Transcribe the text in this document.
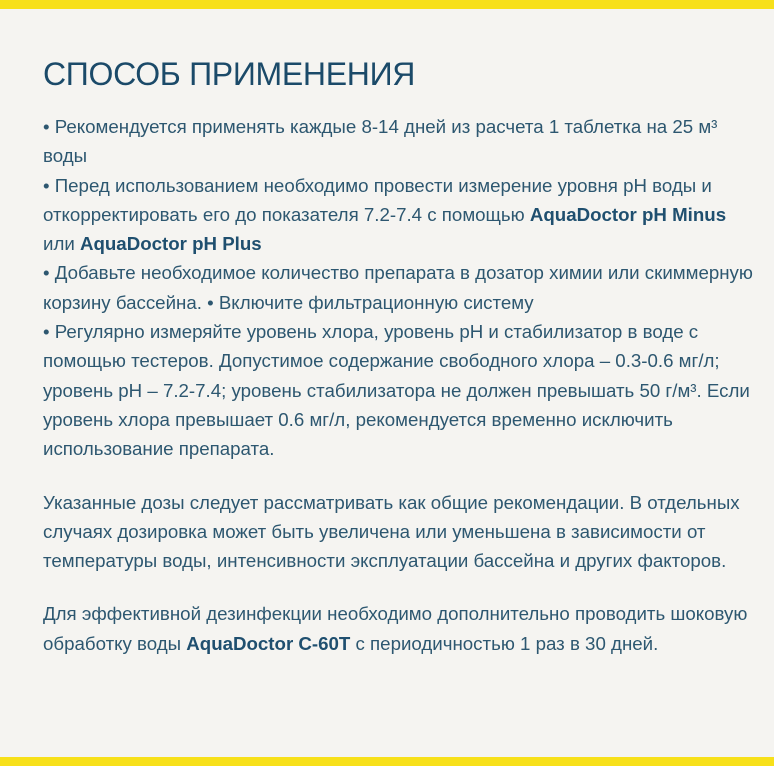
СПОСОБ ПРИМЕНЕНИЯ

• Рекомендуется применять каждые 8-14 дней из расчета 1 таблетка на 25 м³ воды

• Перед использованием необходимо провести измерение уровня pH воды и откорректировать его до показателя 7.2-7.4 с помощью AquaDoctor pH Minus или AquaDoctor pH Plus

• Добавьте необходимое количество препарата в дозатор химии или скиммерную корзину бассейна. • Включите фильтрационную систему

• Регулярно измеряйте уровень хлора, уровень pH и стабилизатор в воде с помощью тестеров. Допустимое содержание свободного хлора – 0.3-0.6 мг/л; уровень pH – 7.2-7.4; уровень стабилизатора не должен превышать 50 г/м³. Если уровень хлора превышает 0.6 мг/л, рекомендуется временно исключить использование препарата.

Указанные дозы следует рассматривать как общие рекомендации. В отдельных случаях дозировка может быть увеличена или уменьшена в зависимости от температуры воды, интенсивности эксплуатации бассейна и других факторов.

Для эффективной дезинфекции необходимо дополнительно проводить шоковую обработку воды AquaDoctor C-60T с периодичностью 1 раз в 30 дней.
